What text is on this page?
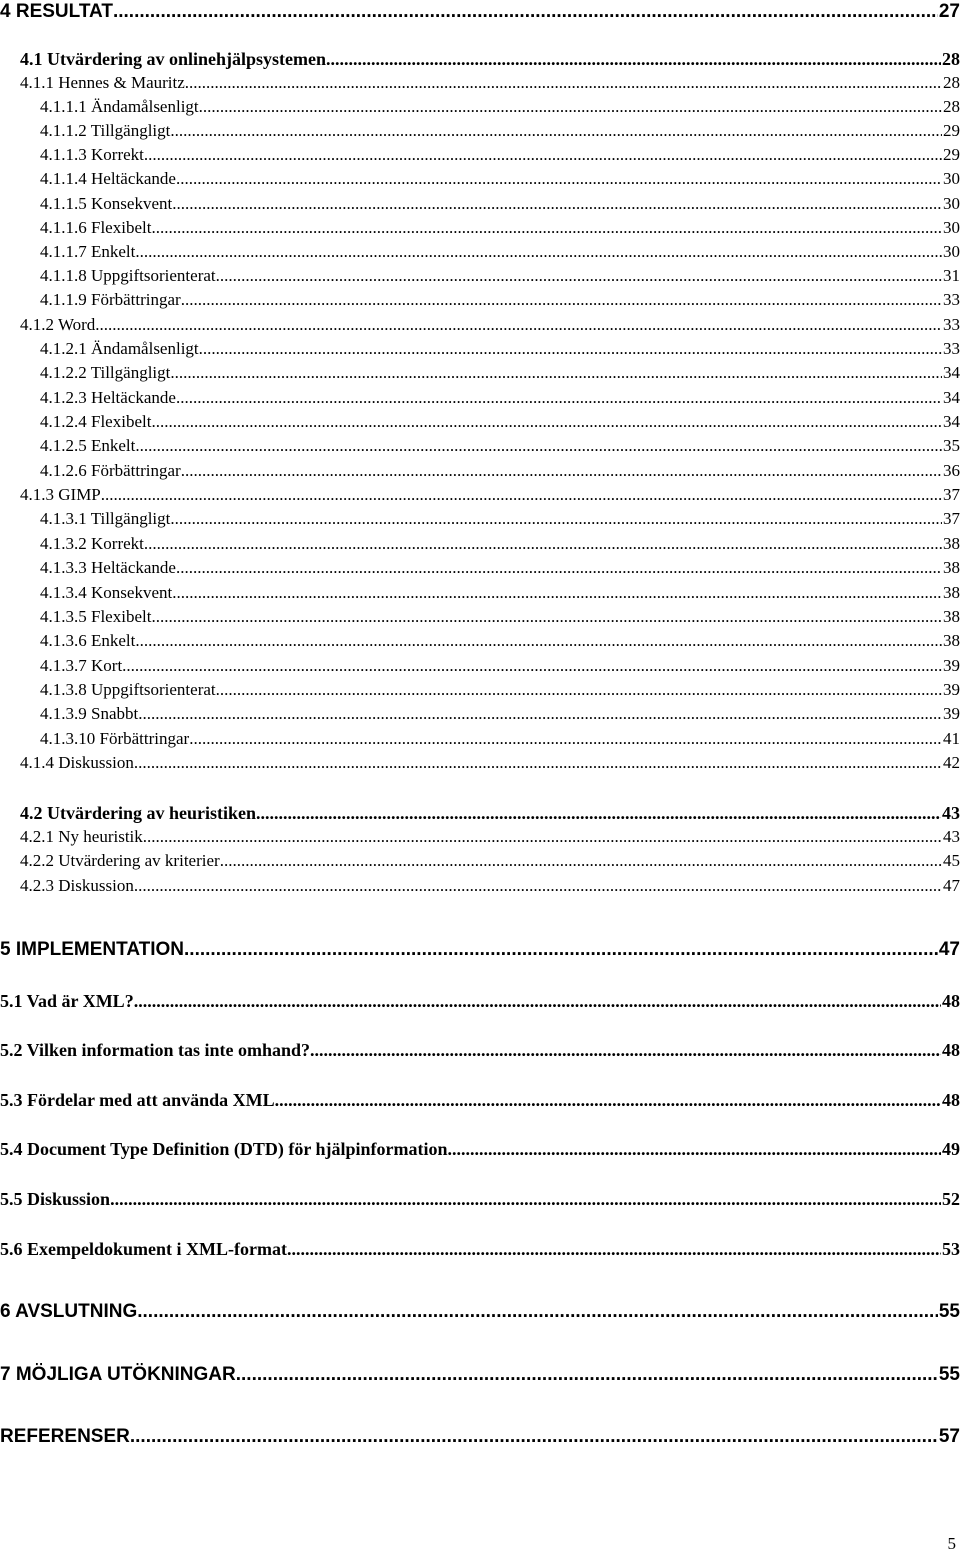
4 RESULTAT .....	27
4.1 Utvärdering av onlinehjälpsystemen .....	28
4.1.1 Hennes & Mauritz .....	28
4.1.1.1 Ändamålsenligt .....	28
4.1.1.2 Tillgängligt .....	29
4.1.1.3 Korrekt .....	29
4.1.1.4 Heltäckande .....	30
4.1.1.5 Konsekvent .....	30
4.1.1.6 Flexibelt .....	30
4.1.1.7 Enkelt .....	30
4.1.1.8 Uppgiftsorienterat .....	31
4.1.1.9 Förbättringar .....	33
4.1.2 Word .....	33
4.1.2.1 Ändamålsenligt .....	33
4.1.2.2 Tillgängligt .....	34
4.1.2.3 Heltäckande .....	34
4.1.2.4 Flexibelt .....	34
4.1.2.5 Enkelt .....	35
4.1.2.6 Förbättringar .....	36
4.1.3 GIMP .....	37
4.1.3.1 Tillgängligt .....	37
4.1.3.2 Korrekt .....	38
4.1.3.3 Heltäckande .....	38
4.1.3.4 Konsekvent .....	38
4.1.3.5 Flexibelt .....	38
4.1.3.6 Enkelt .....	38
4.1.3.7 Kort .....	39
4.1.3.8 Uppgiftsorienterat .....	39
4.1.3.9 Snabbt .....	39
4.1.3.10 Förbättringar .....	41
4.1.4 Diskussion .....	42
4.2 Utvärdering av heuristiken .....	43
4.2.1 Ny heuristik .....	43
4.2.2 Utvärdering av kriterier .....	45
4.2.3 Diskussion .....	47
5 IMPLEMENTATION .....	47
5.1 Vad är XML? .....	48
5.2 Vilken information tas inte omhand? .....	48
5.3 Fördelar med att använda XML .....	48
5.4 Document Type Definition (DTD) för hjälpinformation .....	49
5.5 Diskussion .....	52
5.6 Exempeldokument i XML-format .....	53
6 AVSLUTNING .....	55
7 MÖJLIGA UTÖKNINGAR .....	55
REFERENSER .....	57
5
